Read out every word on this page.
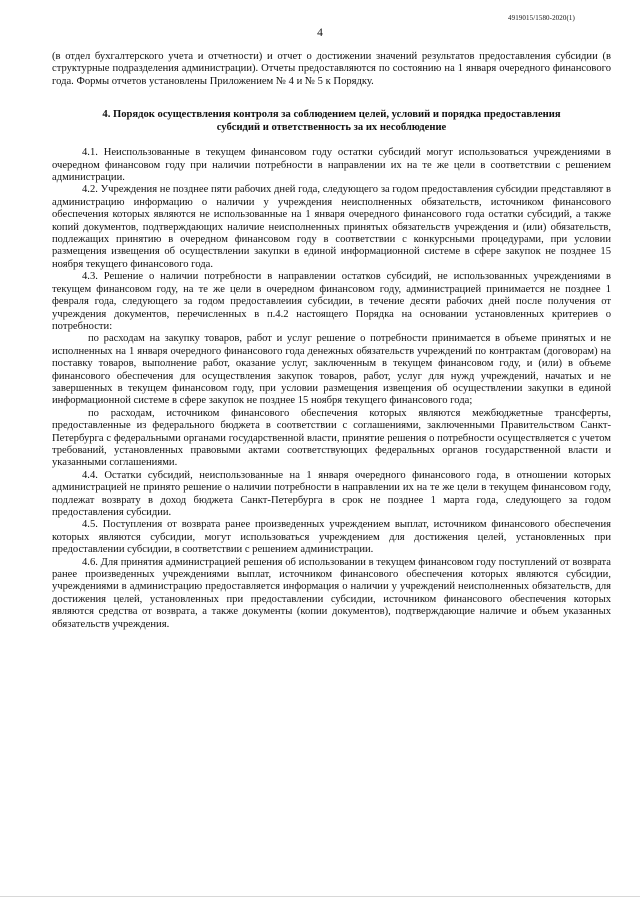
4919015/1580-2020(1)
4

(в отдел бухгалтерского учета и отчетности) и отчет о достижении значений результатов предоставления субсидии (в структурные подразделения администрации). Отчеты предоставляются по состоянию на 1 января очередного финансового года. Формы отчетов установлены Приложением № 4 и № 5 к Порядку.

4. Порядок осуществления контроля за соблюдением целей, условий и порядка предоставления субсидий и ответственность за их несоблюдение

4.1. Неиспользованные в текущем финансовом году остатки субсидий могут использоваться учреждениями в очередном финансовом году при наличии потребности в направлении их на те же цели в соответствии с решением администрации.

4.2. Учреждения не позднее пяти рабочих дней года, следующего за годом предоставления субсидии представляют в администрацию информацию о наличии у учреждения неисполненных обязательств, источником финансового обеспечения которых являются не использованные на 1 января очередного финансового года остатки субсидий, а также копий документов, подтверждающих наличие неисполненных принятых обязательств учреждения и (или) обязательств, подлежащих принятию в очередном финансовом году в соответствии с конкурсными процедурами, при условии размещения извещения об осуществлении закупки в единой информационной системе в сфере закупок не позднее 15 ноября текущего финансового года.

4.3. Решение о наличии потребности в направлении остатков субсидий, не использованных учреждениями в текущем финансовом году, на те же цели в очередном финансовом году, администрацией принимается не позднее 1 февраля года, следующего за годом предоставлеиия субсидии, в течение десяти рабочих дней после получения от учреждения документов, перечисленных в п.4.2 настоящего Порядка на основании установленных критериев о потребности:

по расходам на закупку товаров, работ и услуг решение о потребности принимается в объеме принятых и не исполненных на 1 января очередного финансового года денежных обязательств учреждений по контрактам (договорам) на поставку товаров, выполнение работ, оказание услуг, заключенным в текущем финансовом году, и (или) в объеме финансового обеспечения для осуществления закупок товаров, работ, услуг для нужд учреждений, начатых и не завершенных в текущем финансовом году, при условии размещения извещения об осуществлении закупки в единой информационной системе в сфере закупок не позднее 15 ноября текущего финансового года;

по расходам, источником финансового обеспечения которых являются межбюджетные трансферты, предоставленные из федерального бюджета в соответствии с соглашениями, заключенными Правительством Санкт-Петербурга с федеральными органами государственной власти, принятие решения о потребности осуществляется с учетом требований, установленных правовыми актами соответствующих федеральных органов государственной власти и указанными соглашениями.

4.4. Остатки субсидий, неиспользованные на 1 января очередного финансового года, в отношении которых администрацией не принято решение о наличии потребности в направлении их на те же цели в текущем финансовом году, подлежат возврату в доход бюджета Санкт-Петербурга в срок не позднее 1 марта года, следующего за годом предоставления субсидии.

4.5. Поступления от возврата ранее произведенных учреждением выплат, источником финансового обеспечения которых являются субсидии, могут использоваться учреждением для достижения целей, установленных при предоставлении субсидии, в соответствии с решением администрации.

4.6. Для принятия администрацией решения об использовании в текущем финансовом году поступлений от возврата ранее произведенных учреждениями выплат, источником финансового обеспечения которых являются субсидии, учреждениями в администрацию предоставляется информация о наличии у учреждений неисполненных обязательств, для достижения целей, установленных при предоставлении субсидии, источником финансового обеспечения которых являются средства от возврата, а также документы (копии документов), подтверждающие наличие и объем указанных обязательств учреждения.
